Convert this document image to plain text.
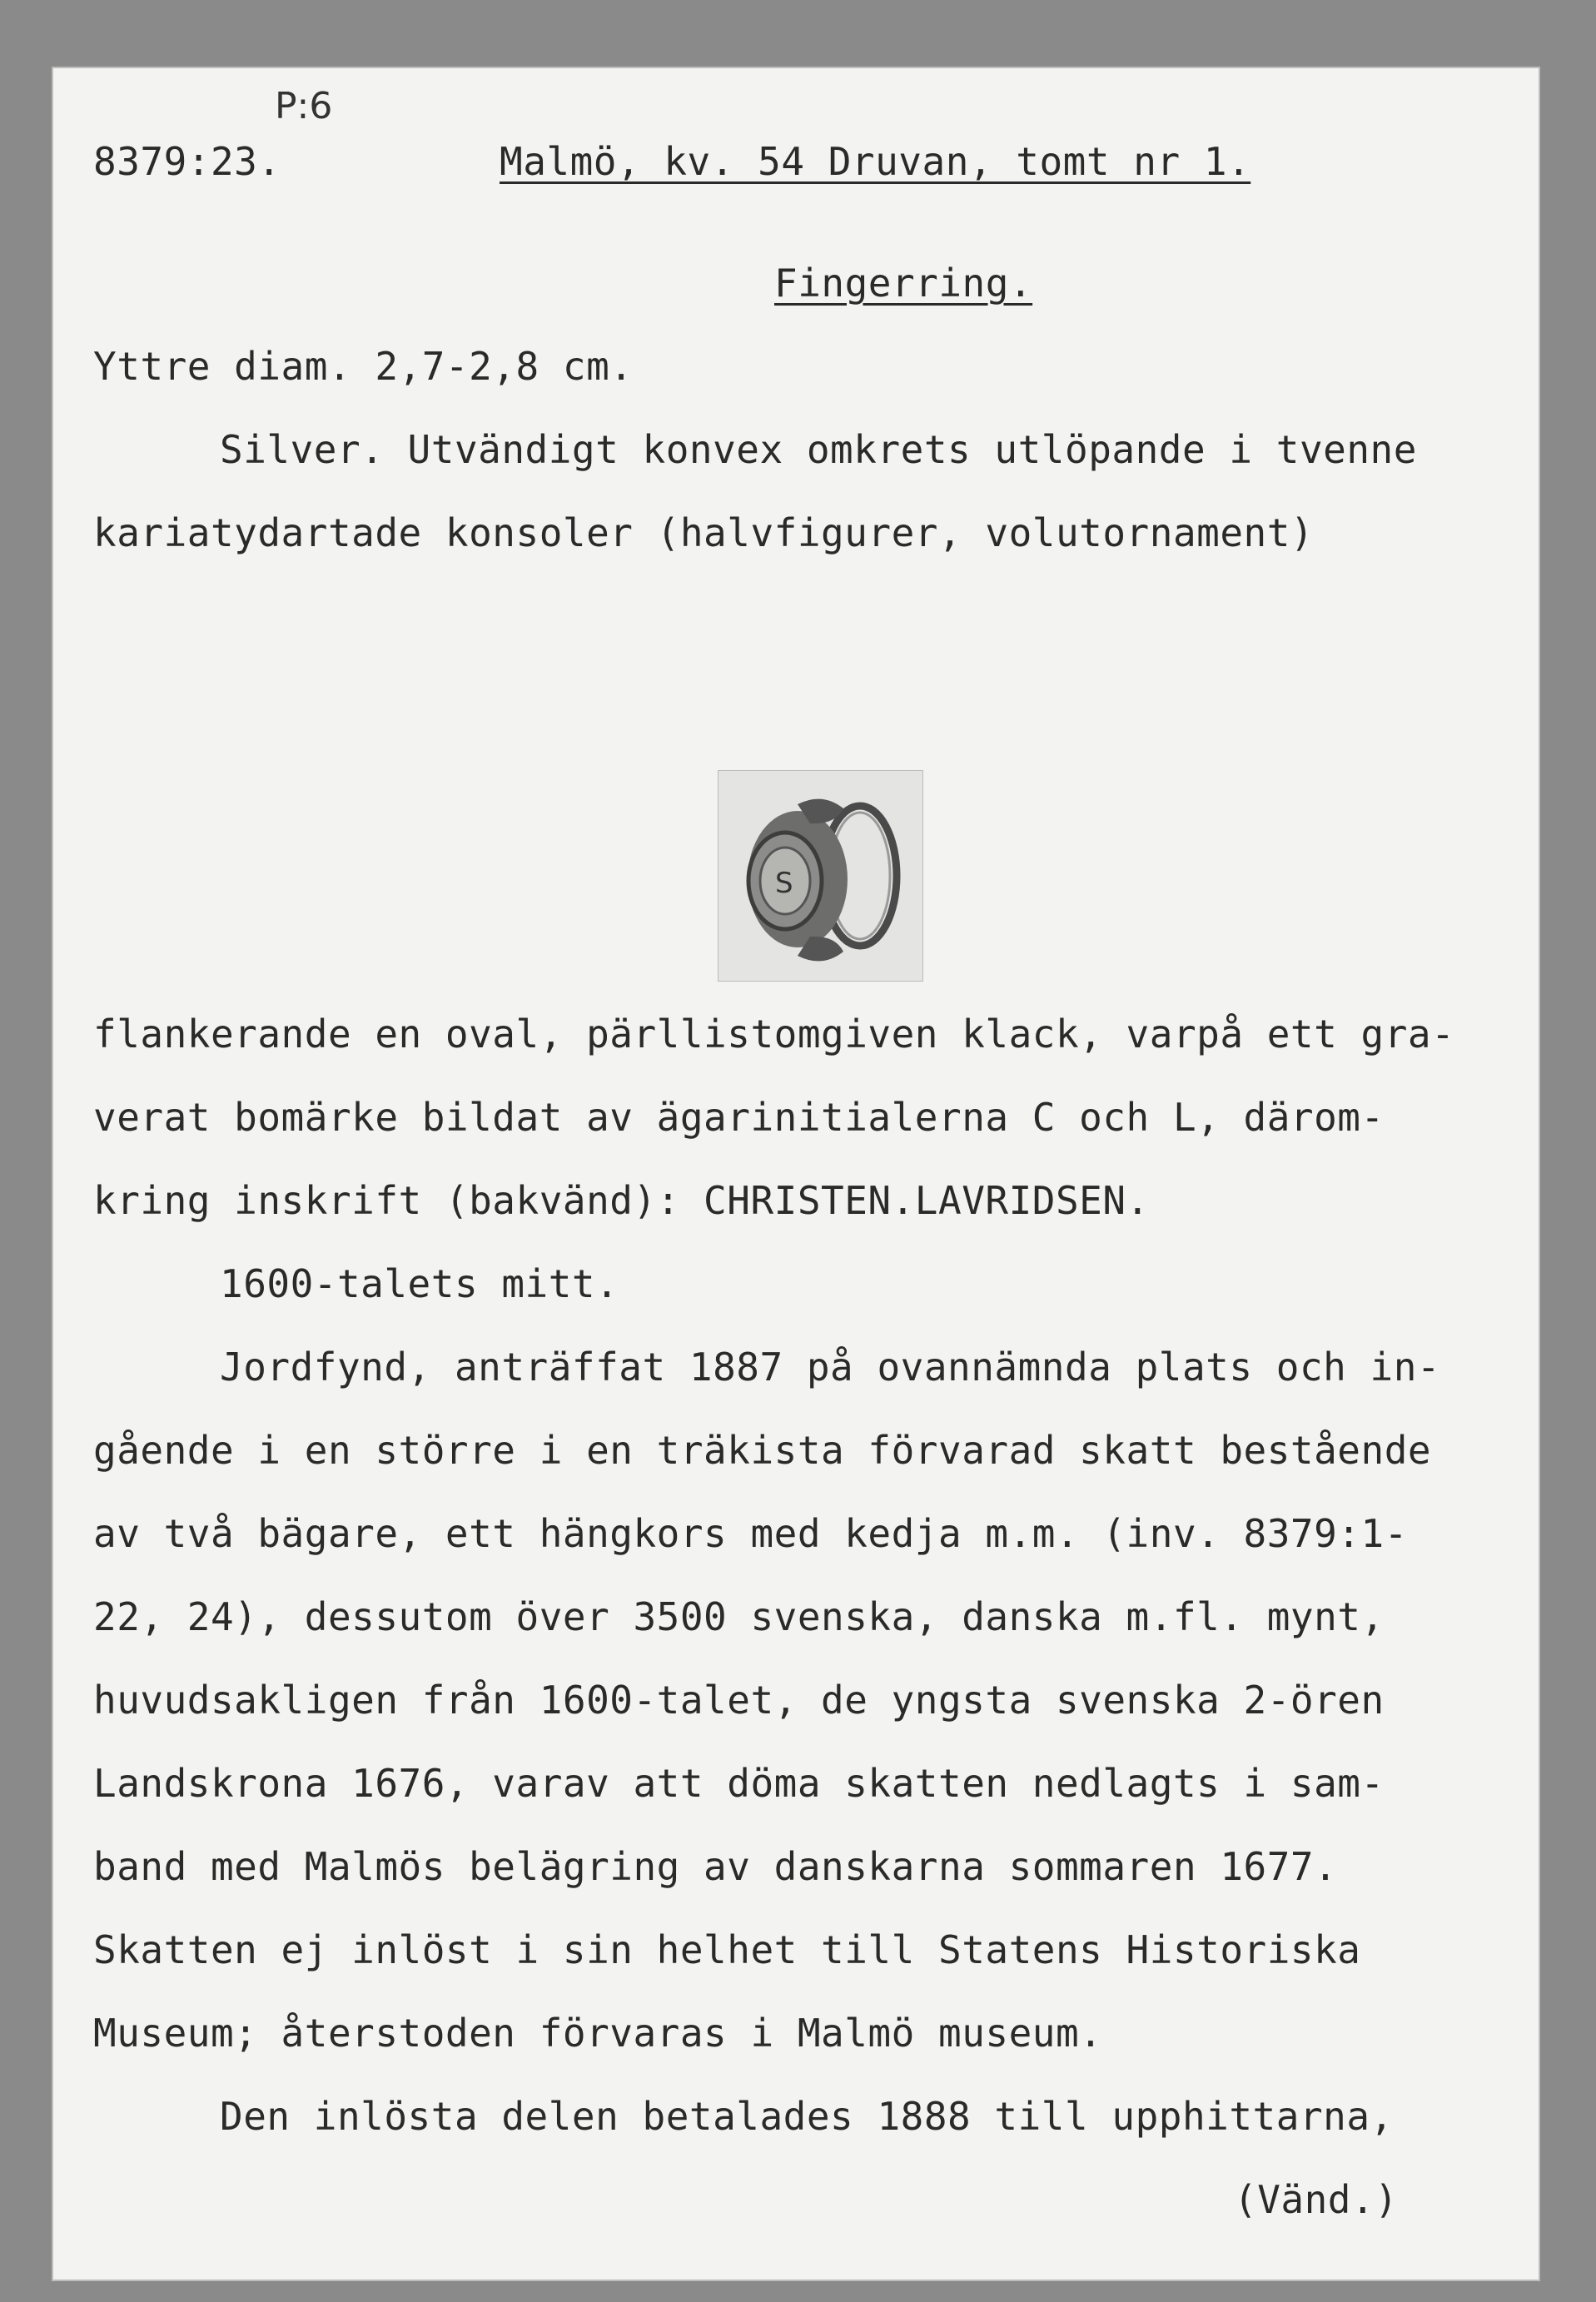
P:6
8379:23.	Malmö, kv. 54 Druvan, tomt nr 1.
Fingerring.
Yttre diam. 2,7-2,8 cm.
Silver. Utvändigt konvex omkrets utlöpande i tvenne
kariatydartade konsoler (halvfigurer, volutornament)
S
flankerande en oval, pärllistomgiven klack, varpå ett gra-
verat bomärke bildat av ägarinitialerna C och L, därom-
kring inskrift (bakvänd): CHRISTEN.LAVRIDSEN.
1600-talets mitt.
Jordfynd, anträffat 1887 på ovannämnda plats och in-
gående i en större i en träkista förvarad skatt bestående
av två bägare, ett hängkors med kedja m.m. (inv. 8379:1-
22, 24), dessutom över 3500 svenska, danska m.fl. mynt,
huvudsakligen från 1600-talet, de yngsta svenska 2-ören
Landskrona 1676, varav att döma skatten nedlagts i sam-
band med Malmös belägring av danskarna sommaren 1677.
Skatten ej inlöst i sin helhet till Statens Historiska
Museum; återstoden förvaras i Malmö museum.
Den inlösta delen betalades 1888 till upphittarna,
(Vänd.)
